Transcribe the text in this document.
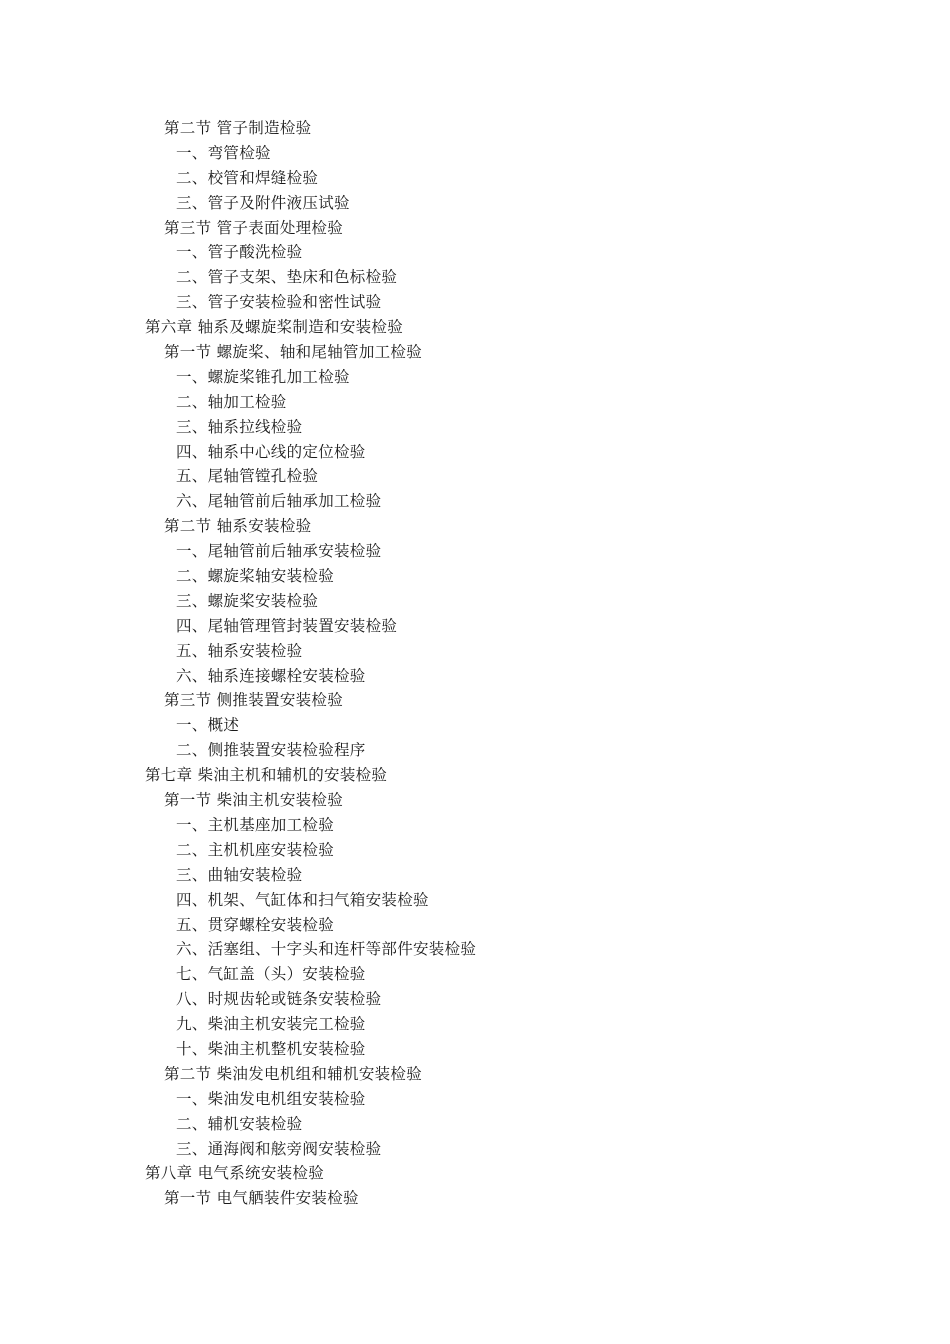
第二节 管子制造检验
一、弯管检验
二、校管和焊缝检验
三、管子及附件液压试验
第三节 管子表面处理检验
一、管子酸洗检验
二、管子支架、垫床和色标检验
三、管子安装检验和密性试验
第六章 轴系及螺旋桨制造和安装检验
第一节 螺旋桨、轴和尾轴管加工检验
一、螺旋桨锥孔加工检验
二、轴加工检验
三、轴系拉线检验
四、轴系中心线的定位检验
五、尾轴管镗孔检验
六、尾轴管前后轴承加工检验
第二节 轴系安装检验
一、尾轴管前后轴承安装检验
二、螺旋桨轴安装检验
三、螺旋桨安装检验
四、尾轴管理管封装置安装检验
五、轴系安装检验
六、轴系连接螺栓安装检验
第三节 侧推装置安装检验
一、概述
二、侧推装置安装检验程序
第七章 柴油主机和辅机的安装检验
第一节 柴油主机安装检验
一、主机基座加工检验
二、主机机座安装检验
三、曲轴安装检验
四、机架、气缸体和扫气箱安装检验
五、贯穿螺栓安装检验
六、活塞组、十字头和连杆等部件安装检验
七、气缸盖（头）安装检验
八、时规齿轮或链条安装检验
九、柴油主机安装完工检验
十、柴油主机整机安装检验
第二节 柴油发电机组和辅机安装检验
一、柴油发电机组安装检验
二、辅机安装检验
三、通海阀和舷旁阀安装检验
第八章 电气系统安装检验
第一节 电气舾装件安装检验
